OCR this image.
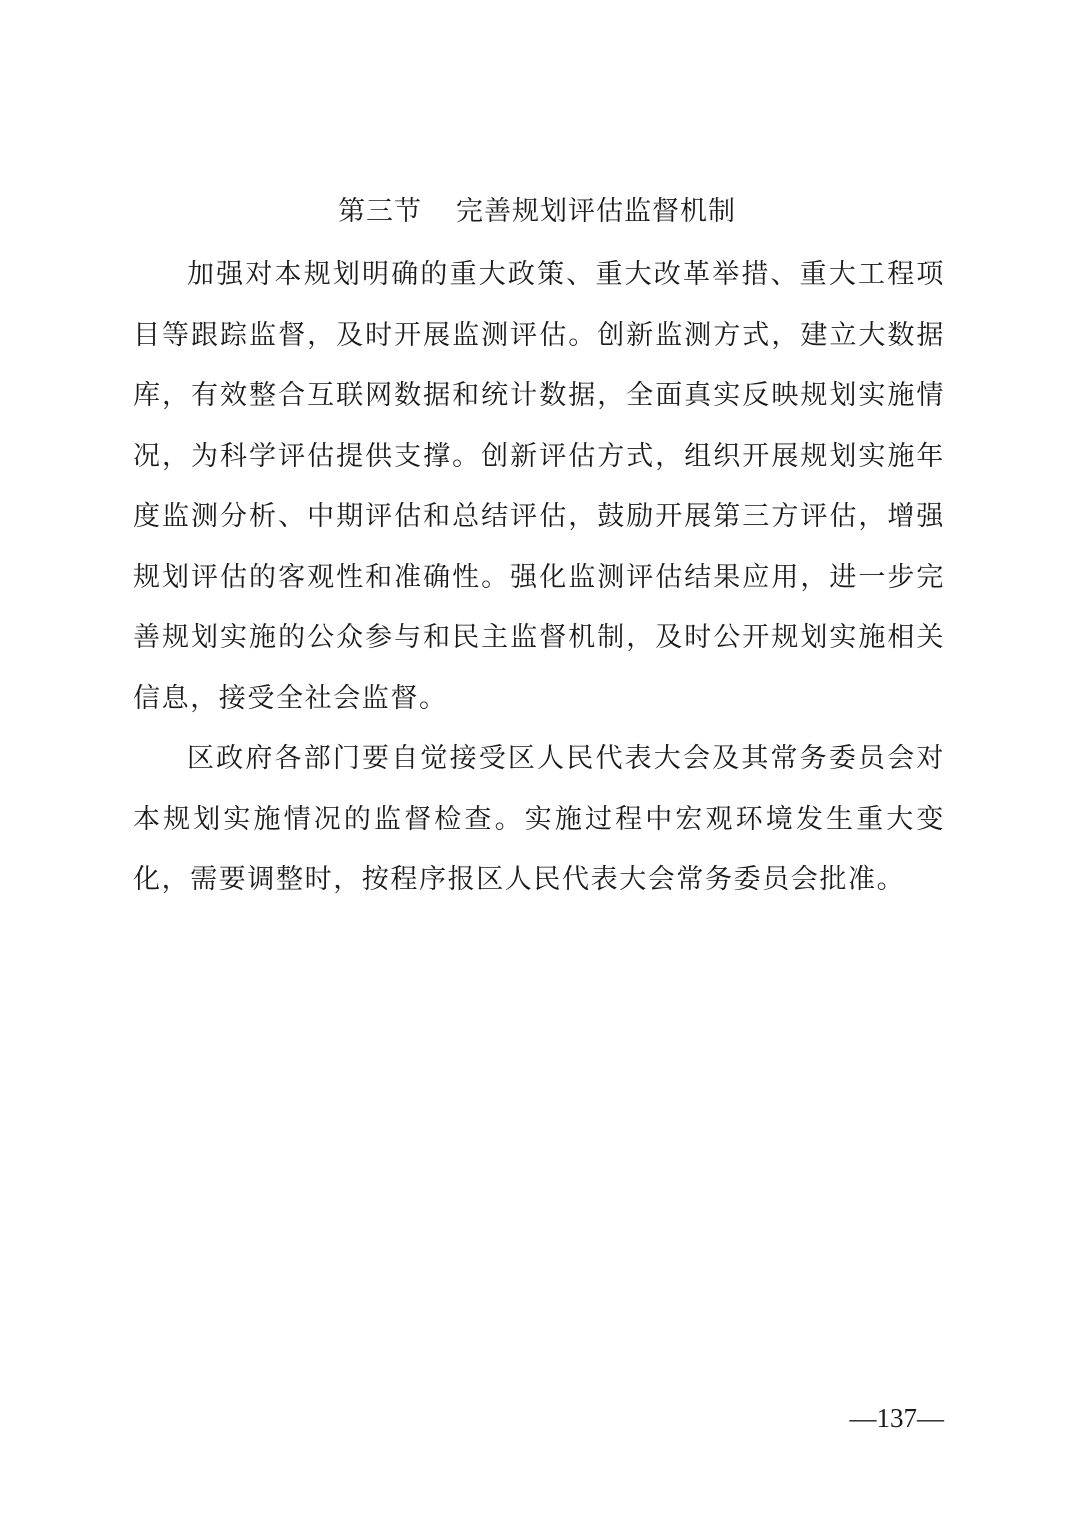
第三节 完善规划评估监督机制

加强对本规划明确的重大政策、重大改革举措、重大工程项目等跟踪监督，及时开展监测评估。创新监测方式，建立大数据库，有效整合互联网数据和统计数据，全面真实反映规划实施情况，为科学评估提供支撑。创新评估方式，组织开展规划实施年度监测分析、中期评估和总结评估，鼓励开展第三方评估，增强规划评估的客观性和准确性。强化监测评估结果应用，进一步完善规划实施的公众参与和民主监督机制，及时公开规划实施相关信息，接受全社会监督。

区政府各部门要自觉接受区人民代表大会及其常务委员会对本规划实施情况的监督检查。实施过程中宏观环境发生重大变化，需要调整时，按程序报区人民代表大会常务委员会批准。

—137—
